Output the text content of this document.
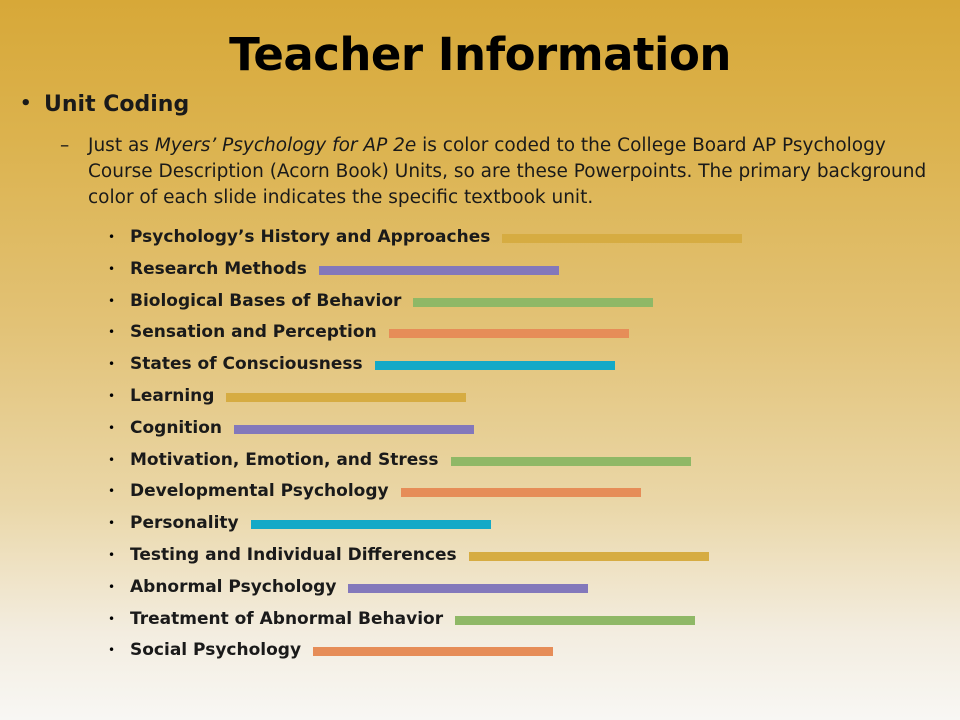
Teacher Information
• Unit Coding
– Just as Myers’ Psychology for AP 2e is color coded to the College Board AP Psychology Course Description (Acorn Book) Units, so are these Powerpoints. The primary background color of each slide indicates the specific textbook unit.
• Psychology’s History and Approaches
• Research Methods
• Biological Bases of Behavior
• Sensation and Perception
• States of Consciousness
• Learning
• Cognition
• Motivation, Emotion, and Stress
• Developmental Psychology
• Personality
• Testing and Individual Differences
• Abnormal Psychology
• Treatment of Abnormal Behavior
• Social Psychology
